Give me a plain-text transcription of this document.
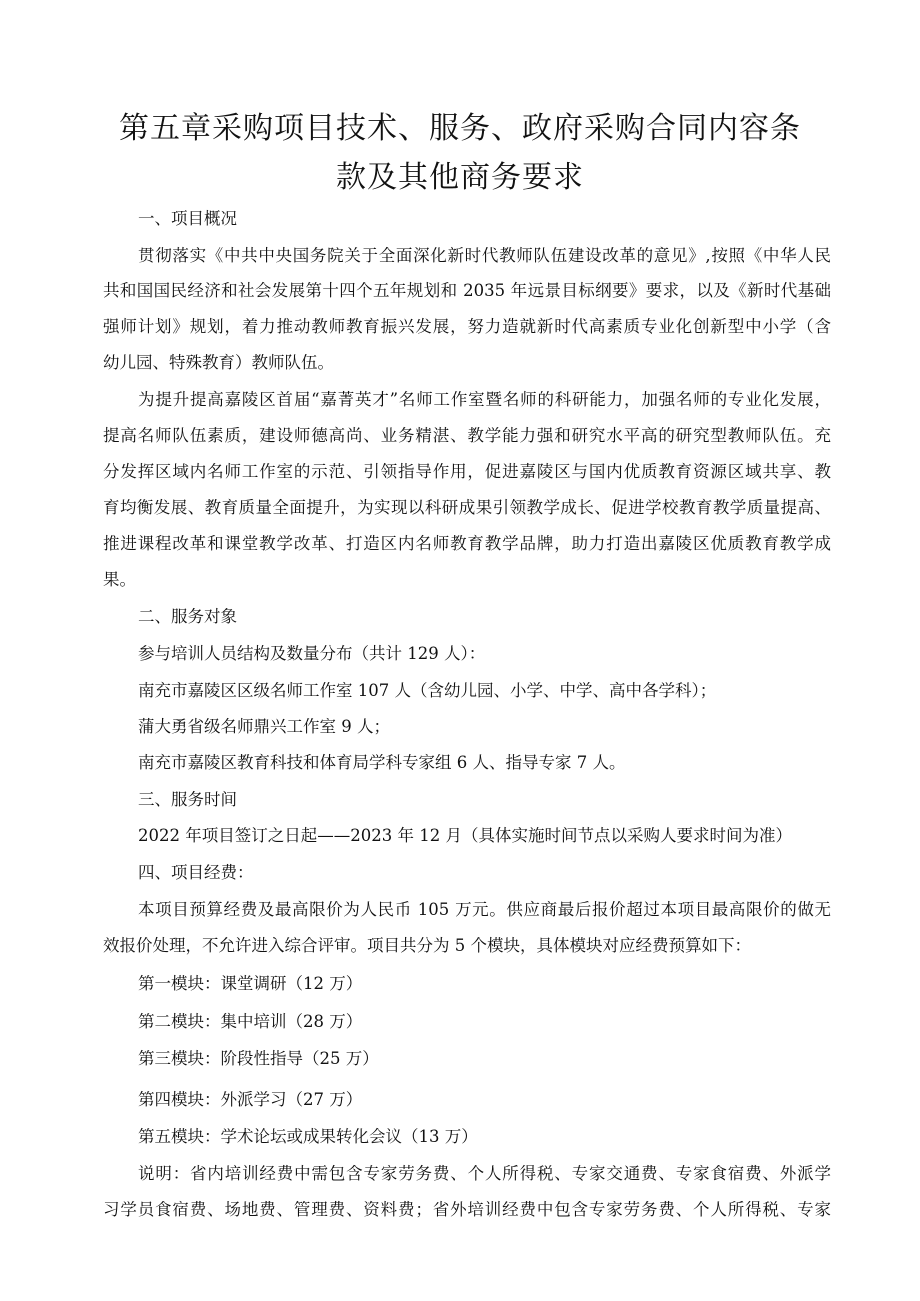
第五章采购项目技术、服务、政府采购合同内容条
款及其他商务要求
一、项目概况
贯彻落实《中共中央国务院关于全面深化新时代教师队伍建设改革的意见》,按照《中华人民
共和国国民经济和社会发展第十四个五年规划和 2035 年远景目标纲要》要求，以及《新时代基础
强师计划》规划，着力推动教师教育振兴发展，努力造就新时代高素质专业化创新型中小学（含
幼儿园、特殊教育）教师队伍。
为提升提高嘉陵区首届“嘉菁英才”名师工作室暨名师的科研能力，加强名师的专业化发展，
提高名师队伍素质，建设师德高尚、业务精湛、教学能力强和研究水平高的研究型教师队伍。充
分发挥区域内名师工作室的示范、引领指导作用，促进嘉陵区与国内优质教育资源区域共享、教
育均衡发展、教育质量全面提升，为实现以科研成果引领教学成长、促进学校教育教学质量提高、
推进课程改革和课堂教学改革、打造区内名师教育教学品牌，助力打造出嘉陵区优质教育教学成
果。
二、服务对象
参与培训人员结构及数量分布（共计 129 人）：
南充市嘉陵区区级名师工作室 107 人（含幼儿园、小学、中学、高中各学科）；
蒲大勇省级名师鼎兴工作室 9 人；
南充市嘉陵区教育科技和体育局学科专家组 6 人、指导专家 7 人。
三、服务时间
2022 年项目签订之日起——2023 年 12 月（具体实施时间节点以采购人要求时间为准）
四、项目经费：
本项目预算经费及最高限价为人民币 105 万元。供应商最后报价超过本项目最高限价的做无
效报价处理，不允许进入综合评审。项目共分为 5 个模块，具体模块对应经费预算如下：
第一模块：课堂调研（12 万）
第二模块：集中培训（28 万）
第三模块：阶段性指导（25 万）
第四模块：外派学习（27 万）
第五模块：学术论坛或成果转化会议（13 万）
说明：省内培训经费中需包含专家劳务费、个人所得税、专家交通费、专家食宿费、外派学
习学员食宿费、场地费、管理费、资料费；省外培训经费中包含专家劳务费、个人所得税、专家
